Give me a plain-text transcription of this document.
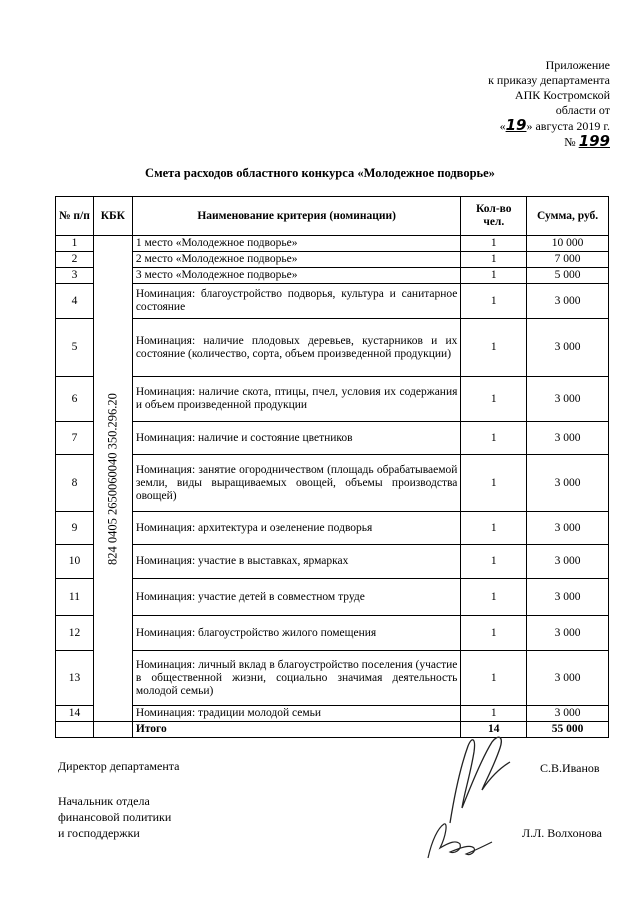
Приложение
к приказу департамента
АПК Костромской
области от
«19» августа 2019 г.
№ 199
Смета расходов областного конкурса «Молодежное подворье»
№ п/п	КБК	Наименование критерия (номинации)	Кол-во чел.	Сумма, руб.
1	824 0405 2650060040 350.296.20	1 место «Молодежное подворье»	1	10 000
2		2 место «Молодежное подворье»	1	7 000
3		3 место «Молодежное подворье»	1	5 000
4		Номинация: благоустройство подворья, культура и санитарное состояние	1	3 000
5		Номинация: наличие плодовых деревьев, кустарников и их состояние (количество, сорта, объем произведенной продукции)	1	3 000
6		Номинация: наличие скота, птицы, пчел, условия их содержания и объем произведенной продукции	1	3 000
7		Номинация: наличие и состояние цветников	1	3 000
8		Номинация: занятие огородничеством (площадь обрабатываемой земли, виды выращиваемых овощей, объемы производства овощей)	1	3 000
9		Номинация: архитектура и озеленение подворья	1	3 000
10		Номинация: участие в выставках, ярмарках	1	3 000
11		Номинация: участие детей в совместном труде	1	3 000
12		Номинация: благоустройство жилого помещения	1	3 000
13		Номинация: личный вклад в благоустройство поселения (участие в общественной жизни, социально значимая деятельность молодой семьи)	1	3 000
14		Номинация: традиции молодой семьи	1	3 000
		Итого	14	55 000
Директор департамента	С.В.Иванов
Начальник отдела
финансовой политики
и господдержки	Л.Л. Волхонова
